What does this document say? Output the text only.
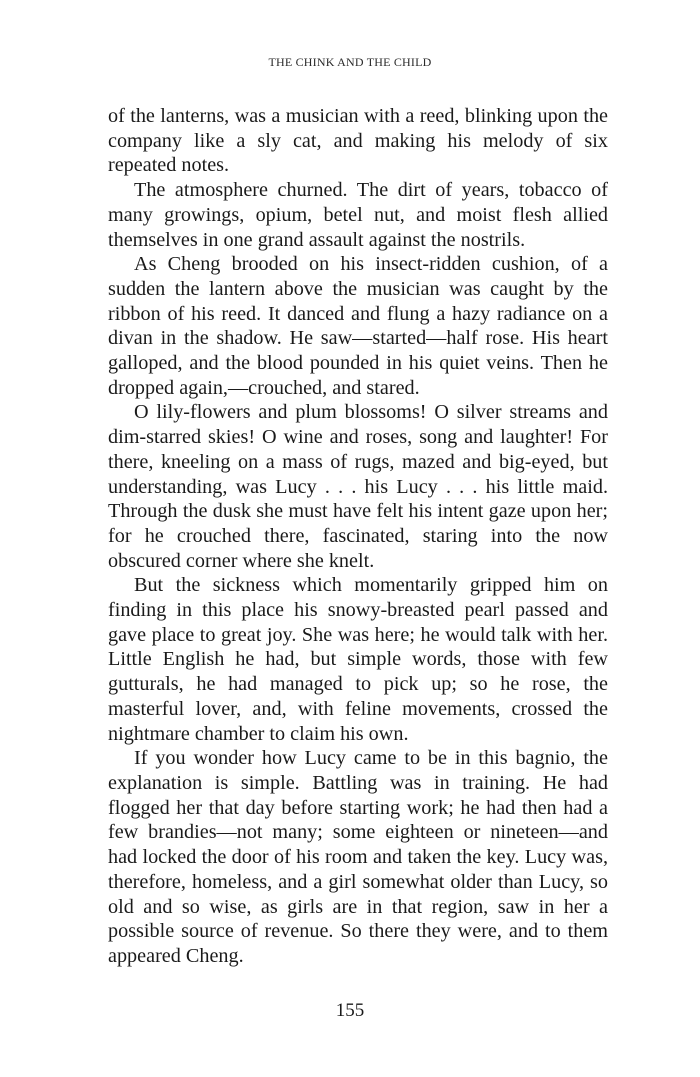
THE CHINK AND THE CHILD

of the lanterns, was a musician with a reed, blinking upon the company like a sly cat, and making his melody of six repeated notes.

The atmosphere churned. The dirt of years, tobacco of many growings, opium, betel nut, and moist flesh allied themselves in one grand assault against the nostrils.

As Cheng brooded on his insect-ridden cushion, of a sudden the lantern above the musician was caught by the ribbon of his reed. It danced and flung a hazy radiance on a divan in the shadow. He saw—started—half rose. His heart galloped, and the blood pounded in his quiet veins. Then he dropped again,—crouched, and stared.

O lily-flowers and plum blossoms! O silver streams and dim-starred skies! O wine and roses, song and laughter! For there, kneeling on a mass of rugs, mazed and big-eyed, but understanding, was Lucy . . . his Lucy . . . his little maid. Through the dusk she must have felt his intent gaze upon her; for he crouched there, fascinated, staring into the now obscured corner where she knelt.

But the sickness which momentarily gripped him on finding in this place his snowy-breasted pearl passed and gave place to great joy. She was here; he would talk with her. Little English he had, but simple words, those with few gutturals, he had managed to pick up; so he rose, the masterful lover, and, with feline movements, crossed the nightmare chamber to claim his own.

If you wonder how Lucy came to be in this bagnio, the explanation is simple. Battling was in training. He had flogged her that day before starting work; he had then had a few brandies—not many; some eighteen or nineteen—and had locked the door of his room and taken the key. Lucy was, therefore, homeless, and a girl somewhat older than Lucy, so old and so wise, as girls are in that region, saw in her a possible source of revenue. So there they were, and to them appeared Cheng.

155
